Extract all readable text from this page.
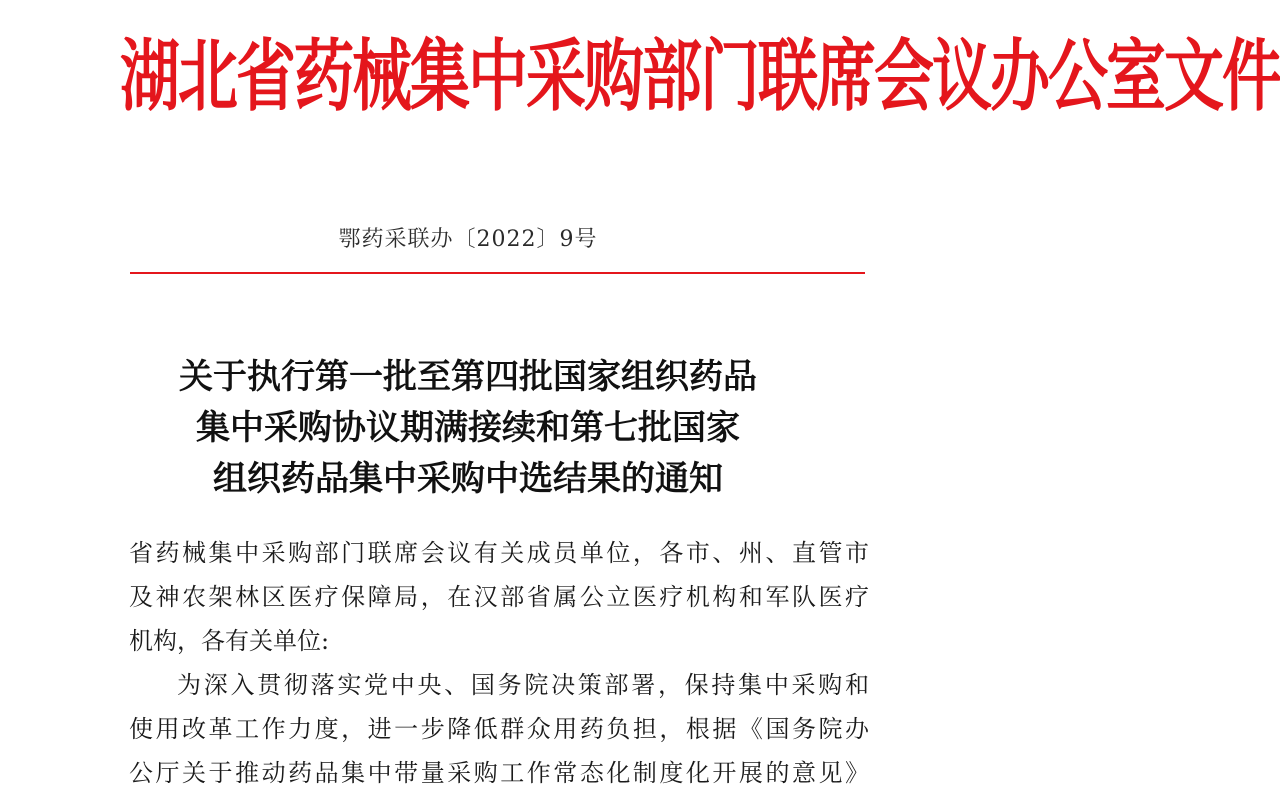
湖北省药械集中采购部门联席会议办公室文件
鄂药采联办〔2022〕9号
关于执行第一批至第四批国家组织药品
集中采购协议期满接续和第七批国家
组织药品集中采购中选结果的通知
省药械集中采购部门联席会议有关成员单位，各市、州、直管市
及神农架林区医疗保障局，在汉部省属公立医疗机构和军队医疗
机构，各有关单位:
为深入贯彻落实党中央、国务院决策部署，保持集中采购和
使用改革工作力度，进一步降低群众用药负担，根据《国务院办
公厅关于推动药品集中带量采购工作常态化制度化开展的意见》
